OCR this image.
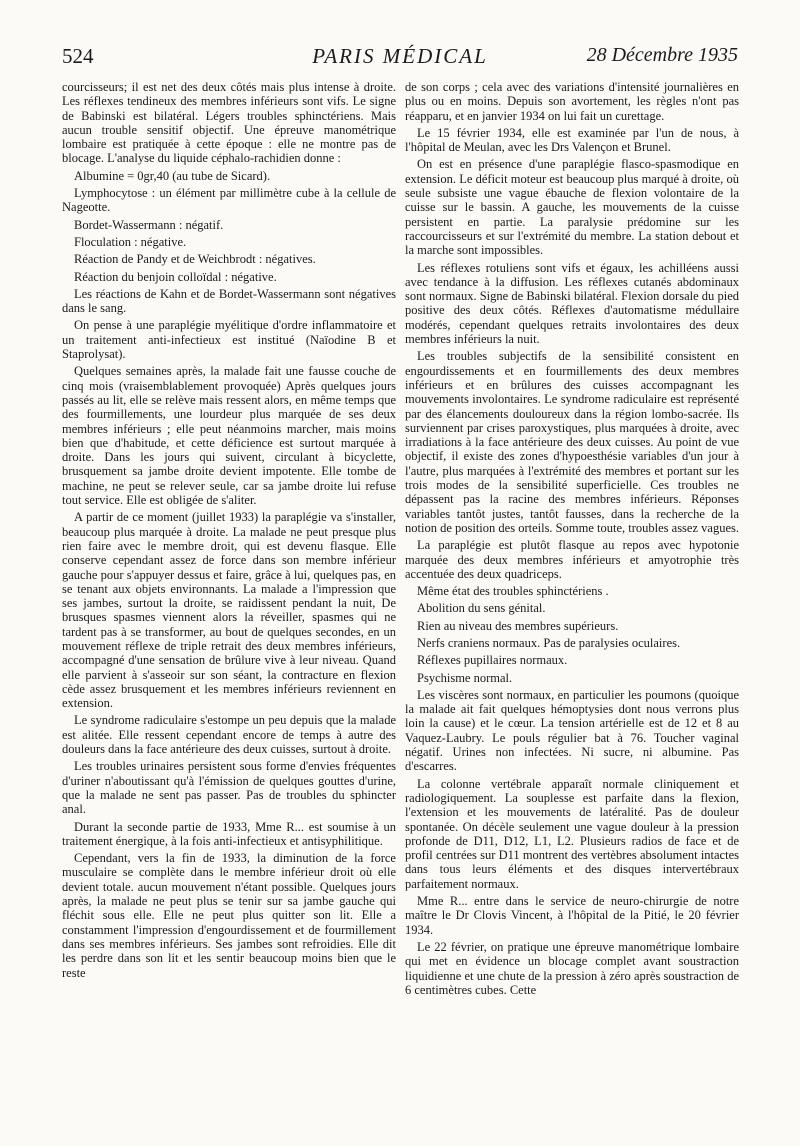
524	PARIS MÉDICAL	28 Décembre 1935

courcisseurs; il est net des deux côtés mais plus intense à droite. Les réflexes tendineux des membres inférieurs sont vifs. Le signe de Babinski est bilatéral. Légers troubles sphinctériens. Mais aucun trouble sensitif objectif. Une épreuve manométrique lombaire est pratiquée à cette époque : elle ne montre pas de blocage. L'analyse du liquide céphalo-rachidien donne :

Albumine = 0gr,40 (au tube de Sicard).

Lymphocytose : un élément par millimètre cube à la cellule de Nageotte.

Bordet-Wassermann : négatif.

Floculation : négative.

Réaction de Pandy et de Weichbrodt : négatives.

Réaction du benjoin colloïdal : négative.

Les réactions de Kahn et de Bordet-Wassermann sont négatives dans le sang.

On pense à une paraplégie myélitique d'ordre inflammatoire et un traitement anti-infectieux est institué (Naïodine B et Staprolysat).

Quelques semaines après, la malade fait une fausse couche de cinq mois (vraisemblablement provoquée) Après quelques jours passés au lit, elle se relève mais ressent alors, en même temps que des fourmillements, une lourdeur plus marquée de ses deux membres inférieurs ; elle peut néanmoins marcher, mais moins bien que d'habitude, et cette déficience est surtout marquée à droite. Dans les jours qui suivent, circulant à bicyclette, brusquement sa jambe droite devient impotente. Elle tombe de machine, ne peut se relever seule, car sa jambe droite lui refuse tout service. Elle est obligée de s'aliter.

A partir de ce moment (juillet 1933) la paraplégie va s'installer, beaucoup plus marquée à droite. La malade ne peut presque plus rien faire avec le membre droit, qui est devenu flasque. Elle conserve cependant assez de force dans son membre inférieur gauche pour s'appuyer dessus et faire, grâce à lui, quelques pas, en se tenant aux objets environnants. La malade a l'impression que ses jambes, surtout la droite, se raidissent pendant la nuit, De brusques spasmes viennent alors la réveiller, spasmes qui ne tardent pas à se transformer, au bout de quelques secondes, en un mouvement réflexe de triple retrait des deux membres inférieurs, accompagné d'une sensation de brûlure vive à leur niveau. Quand elle parvient à s'asseoir sur son séant, la contracture en flexion cède assez brusquement et les membres inférieurs reviennent en extension.

Le syndrome radiculaire s'estompe un peu depuis que la malade est alitée. Elle ressent cependant encore de temps à autre des douleurs dans la face antérieure des deux cuisses, surtout à droite.

Les troubles urinaires persistent sous forme d'envies fréquentes d'uriner n'aboutissant qu'à l'émission de quelques gouttes d'urine, que la malade ne sent pas passer. Pas de troubles du sphincter anal.

Durant la seconde partie de 1933, Mme R... est soumise à un traitement énergique, à la fois anti-infectieux et antisyphilitique.

Cependant, vers la fin de 1933, la diminution de la force musculaire se complète dans le membre inférieur droit où elle devient totale. aucun mouvement n'étant possible. Quelques jours après, la malade ne peut plus se tenir sur sa jambe gauche qui fléchit sous elle. Elle ne peut plus quitter son lit. Elle a constamment l'impression d'engourdissement et de fourmillement dans ses membres inférieurs. Ses jambes sont refroidies. Elle dit les perdre dans son lit et les sentir beaucoup moins bien que le reste

de son corps ; cela avec des variations d'intensité journalières en plus ou en moins. Depuis son avortement, les règles n'ont pas réapparu, et en janvier 1934 on lui fait un curettage.

Le 15 février 1934, elle est examinée par l'un de nous, à l'hôpital de Meulan, avec les Drs Valençon et Brunel.

On est en présence d'une paraplégie flasco-spasmodique en extension. Le déficit moteur est beaucoup plus marqué à droite, où seule subsiste une vague ébauche de flexion volontaire de la cuisse sur le bassin. A gauche, les mouvements de la cuisse persistent en partie. La paralysie prédomine sur les raccourcisseurs et sur l'extrémité du membre. La station debout et la marche sont impossibles.

Les réflexes rotuliens sont vifs et égaux, les achilléens aussi avec tendance à la diffusion. Les réflexes cutanés abdominaux sont normaux. Signe de Babinski bilatéral. Flexion dorsale du pied positive des deux côtés. Réflexes d'automatisme médullaire modérés, cependant quelques retraits involontaires des deux membres inférieurs la nuit.

Les troubles subjectifs de la sensibilité consistent en engourdissements et en fourmillements des deux membres inférieurs et en brûlures des cuisses accompagnant les mouvements involontaires. Le syndrome radiculaire est représenté par des élancements douloureux dans la région lombo-sacrée. Ils surviennent par crises paroxystiques, plus marquées à droite, avec irradiations à la face antérieure des deux cuisses. Au point de vue objectif, il existe des zones d'hypoesthésie variables d'un jour à l'autre, plus marquées à l'extrémité des membres et portant sur les trois modes de la sensibilité superficielle. Ces troubles ne dépassent pas la racine des membres inférieurs. Réponses variables tantôt justes, tantôt fausses, dans la recherche de la notion de position des orteils. Somme toute, troubles assez vagues.

La paraplégie est plutôt flasque au repos avec hypotonie marquée des deux membres inférieurs et amyotrophie très accentuée des deux quadriceps.

Même état des troubles sphinctériens .

Abolition du sens génital.

Rien au niveau des membres supérieurs.

Nerfs craniens normaux. Pas de paralysies oculaires.

Réflexes pupillaires normaux.

Psychisme normal.

Les viscères sont normaux, en particulier les poumons (quoique la malade ait fait quelques hémoptysies dont nous verrons plus loin la cause) et le cœur. La tension artérielle est de 12 et 8 au Vaquez-Laubry. Le pouls régulier bat à 76. Toucher vaginal négatif. Urines non infectées. Ni sucre, ni albumine. Pas d'escarres.

La colonne vertébrale apparaît normale cliniquement et radiologiquement. La souplesse est parfaite dans la flexion, l'extension et les mouvements de latéralité. Pas de douleur spontanée. On décèle seulement une vague douleur à la pression profonde de D11, D12, L1, L2. Plusieurs radios de face et de profil centrées sur D11 montrent des vertèbres absolument intactes dans tous leurs éléments et des disques intervertébraux parfaitement normaux.

Mme R... entre dans le service de neuro-chirurgie de notre maître le Dr Clovis Vincent, à l'hôpital de la Pitié, le 20 février 1934.

Le 22 février, on pratique une épreuve manométrique lombaire qui met en évidence un blocage complet avant soustraction liquidienne et une chute de la pression à zéro après soustraction de 6 centimètres cubes. Cette
